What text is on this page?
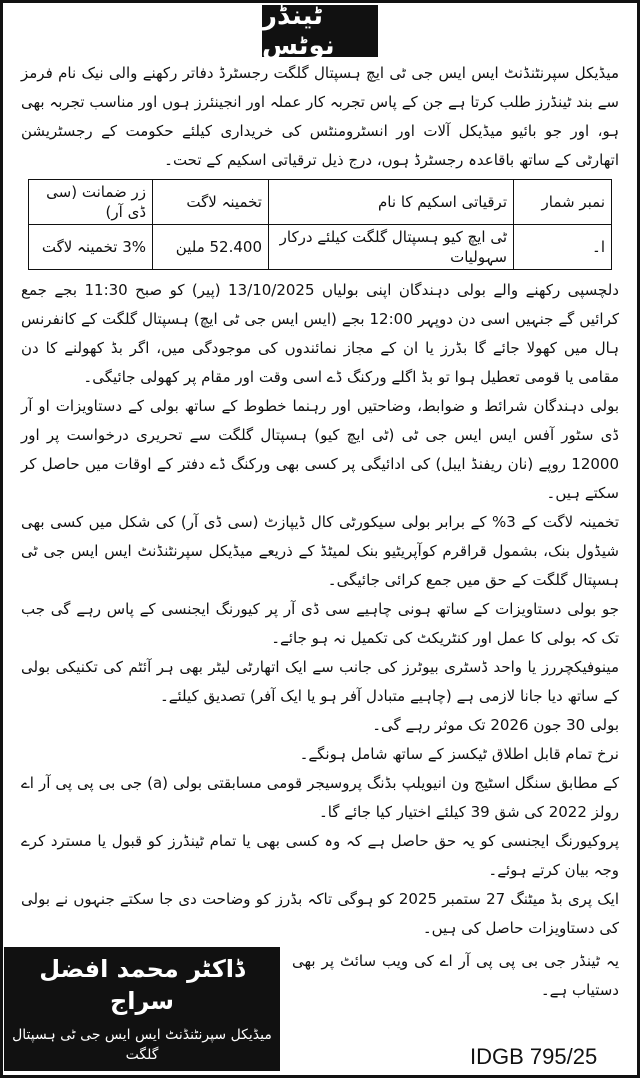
ٹینڈر نوٹس
میڈیکل سپرنٹنڈنٹ ایس ایس جی ٹی ایچ ہسپتال گلگت رجسٹرڈ دفاتر رکھنے والی نیک نام فرمز سے بند ٹینڈرز طلب کرتا ہے جن کے پاس تجربہ کار عملہ اور انجینئرز ہوں اور مناسب تجربہ بھی ہو، اور جو بائیو میڈیکل آلات اور انسٹرومنٹس کی خریداری کیلئے حکومت کے رجسٹریشن اتھارٹی کے ساتھ باقاعدہ رجسٹرڈ ہوں، درج ذیل ترقیاتی اسکیم کے تحت۔
نمبر شمار	ترقیاتی اسکیم کا نام	تخمینہ لاگت	زر ضمانت (سی ڈی آر)
ا۔	ٹی ایچ کیو ہسپتال گلگت کیلئے درکار سہولیات	52.400 ملین	3% تخمینہ لاگت
دلچسپی رکھنے والے بولی دہندگان اپنی بولیاں 13/10/2025 (پیر) کو صبح 11:30 بجے جمع کرائیں گے جنہیں اسی دن دوپہر 12:00 بجے (ایس ایس جی ٹی ایچ) ہسپتال گلگت کے کانفرنس ہال میں کھولا جائے گا بڈرز یا ان کے مجاز نمائندوں کی موجودگی میں، اگر بڈ کھولنے کا دن مقامی یا قومی تعطیل ہوا تو بڈ اگلے ورکنگ ڈے اسی وقت اور مقام پر کھولی جائیگی۔
بولی دہندگان شرائط و ضوابط، وضاحتیں اور رہنما خطوط کے ساتھ بولی کے دستاویزات او آر ڈی سٹور آفس ایس ایس جی ٹی (ٹی ایچ کیو) ہسپتال گلگت سے تحریری درخواست پر اور 12000 روپے (نان ریفنڈ ایبل) کی ادائیگی پر کسی بھی ورکنگ ڈے دفتر کے اوقات میں حاصل کر سکتے ہیں۔
تخمینہ لاگت کے 3% کے برابر بولی سیکورٹی کال ڈیپازٹ (سی ڈی آر) کی شکل میں کسی بھی شیڈول بنک، بشمول قراقرم کوآپریٹیو بنک لمیٹڈ کے ذریعے میڈیکل سپرنٹنڈنٹ ایس ایس جی ٹی ہسپتال گلگت کے حق میں جمع کرائی جائیگی۔
جو بولی دستاویزات کے ساتھ ہونی چاہیے سی ڈی آر پر کیورنگ ایجنسی کے پاس رہے گی جب تک کہ بولی کا عمل اور کنٹریکٹ کی تکمیل نہ ہو جائے۔
مینوفیکچررز یا واحد ڈسٹری بیوٹرز کی جانب سے ایک اتھارٹی لیٹر بھی ہر آئٹم کی تکنیکی بولی کے ساتھ دیا جانا لازمی ہے (چاہیے متبادل آفر ہو یا ایک آفر) تصدیق کیلئے۔
بولی 30 جون 2026 تک موثر رہے گی۔
نرخ تمام قابل اطلاق ٹیکسز کے ساتھ شامل ہونگے۔
کے مطابق سنگل اسٹیج ون انیویلپ بڈنگ پروسیجر قومی مسابقتی بولی (a) جی بی پی پی آر اے رولز 2022 کی شق 39 کیلئے اختیار کیا جائے گا۔
پروکیورنگ ایجنسی کو یہ حق حاصل ہے کہ وہ کسی بھی یا تمام ٹینڈرز کو قبول یا مسترد کرے وجہ بیان کرتے ہوئے۔
ایک پری بڈ میٹنگ 27 ستمبر 2025 کو ہوگی تاکہ بڈرز کو وضاحت دی جا سکتے جنہوں نے بولی کی دستاویزات حاصل کی ہیں۔
ڈاکٹر محمد افضل سراج
میڈیکل سپرنٹنڈنٹ ایس ایس جی ٹی ہسپتال گلگت
یہ ٹینڈر جی بی پی پی آر اے کی ویب سائٹ پر بھی دستیاب ہے۔
IDGB 795/25
